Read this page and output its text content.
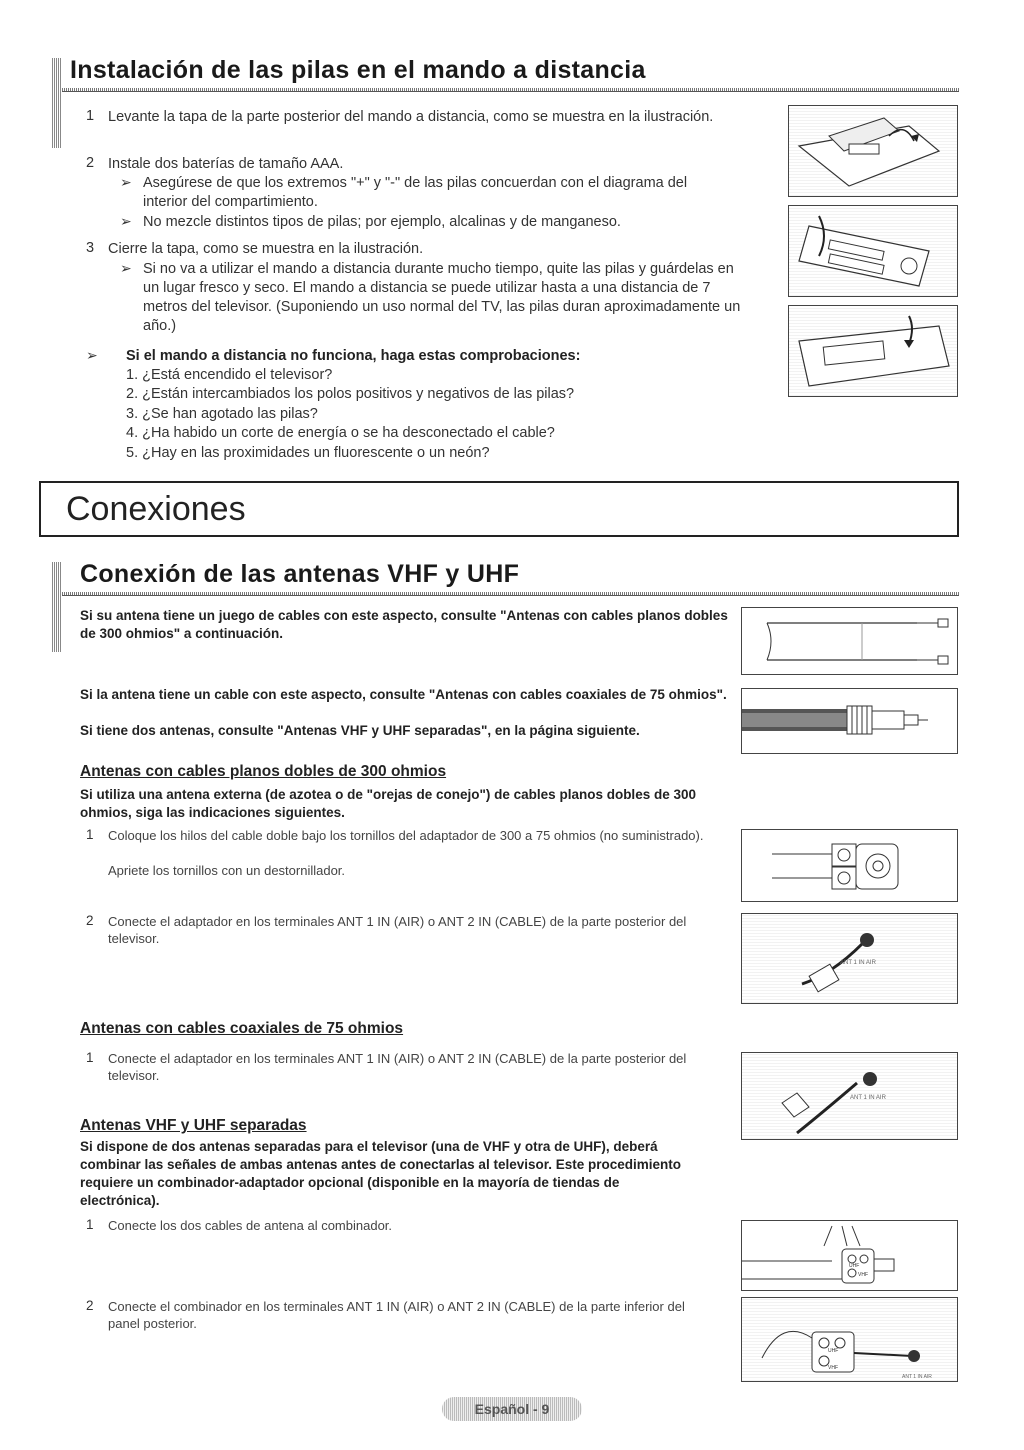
Instalación de las pilas en el mando a distancia
1 Levante la tapa de la parte posterior del mando a distancia, como se muestra en la ilustración.
2 Instale dos baterías de tamaño AAA.
➢ Asegúrese de que los extremos "+" y "-" de las pilas concuerdan con el diagrama del interior del compartimiento.
➢ No mezcle distintos tipos de pilas; por ejemplo, alcalinas y de manganeso.
3 Cierre la tapa, como se muestra en la ilustración.
➢ Si no va a utilizar el mando a distancia durante mucho tiempo, quite las pilas y guárdelas en un lugar fresco y seco. El mando a distancia se puede utilizar hasta a una distancia de 7 metros del televisor. (Suponiendo un uso normal del TV, las pilas duran aproximadamente un año.)
➢ Si el mando a distancia no funciona, haga estas comprobaciones:
1. ¿Está encendido el televisor?
2. ¿Están intercambiados los polos positivos y negativos de las pilas?
3. ¿Se han agotado las pilas?
4. ¿Ha habido un corte de energía o se ha desconectado el cable?
5. ¿Hay en las proximidades un fluorescente o un neón?
Conexiones
Conexión de las antenas VHF y UHF
Si su antena tiene un juego de cables con este aspecto, consulte "Antenas con cables planos dobles de 300 ohmios" a continuación.
Si la antena tiene un cable con este aspecto, consulte "Antenas con cables coaxiales de 75 ohmios".
Si tiene dos antenas, consulte "Antenas VHF y UHF separadas", en la página siguiente.
Antenas con cables planos dobles de 300 ohmios
Si utiliza una antena externa (de azotea o de "orejas de conejo") de cables planos dobles de 300 ohmios, siga las indicaciones siguientes.
1 Coloque los hilos del cable doble bajo los tornillos del adaptador de 300 a 75 ohmios (no suministrado).
Apriete los tornillos con un destornillador.
2 Conecte el adaptador en los terminales ANT 1 IN (AIR) o ANT 2 IN (CABLE) de la parte posterior del televisor.
ANT 1 IN AIR
Antenas con cables coaxiales de 75 ohmios
1 Conecte el adaptador en los terminales ANT 1 IN (AIR) o ANT 2 IN (CABLE) de la parte posterior del televisor.
ANT 1 IN AIR
Antenas VHF y UHF separadas
Si dispone de dos antenas separadas para el televisor (una de VHF y otra de UHF), deberá combinar las señales de ambas antenas antes de conectarlas al televisor. Este procedimiento requiere un combinador-adaptador opcional (disponible en la mayoría de tiendas de electrónica).
1 Conecte los dos cables de antena al combinador.
UHF
VHF
2 Conecte el combinador en los terminales ANT 1 IN (AIR) o ANT 2 IN (CABLE) de la parte inferior del panel posterior.
UHF
VHF
ANT 1 IN AIR
Español - 9
